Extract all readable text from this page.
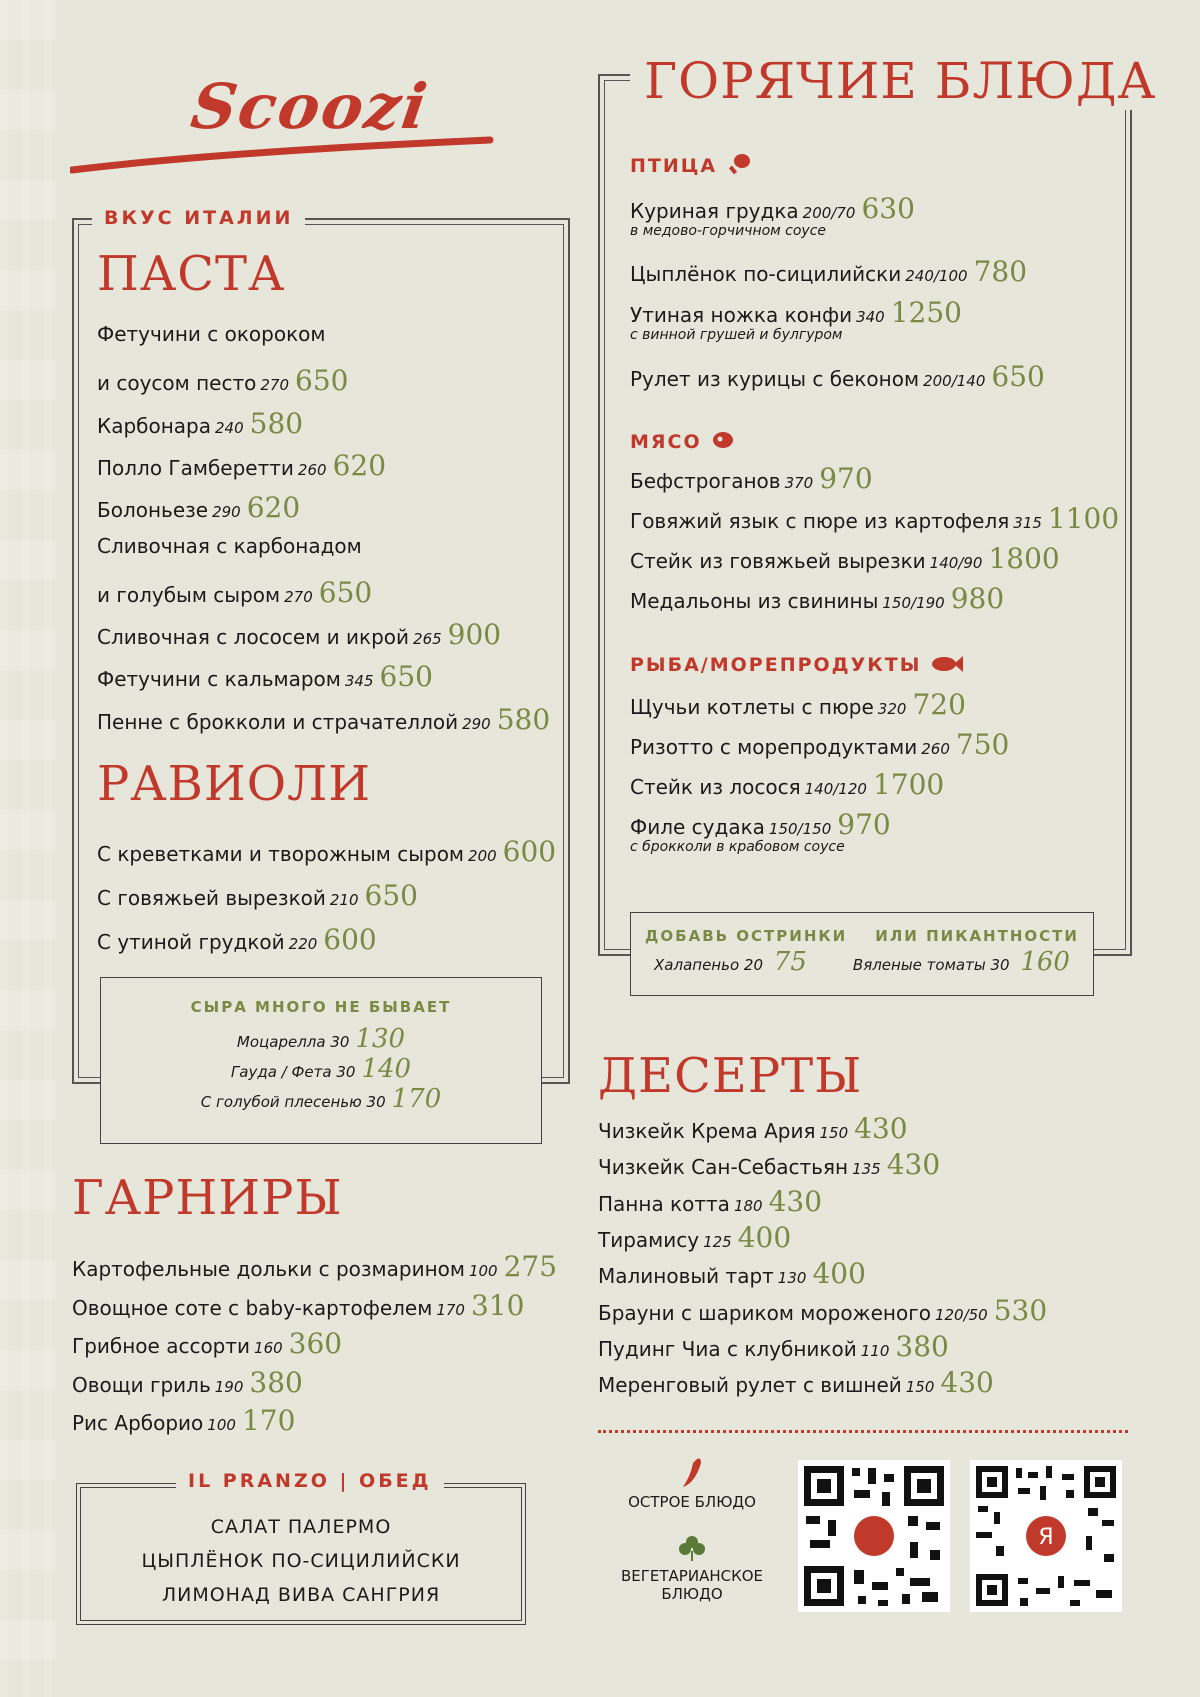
Scoozi
ВКУС ИТАЛИИ
ПАСТА
РАВИОЛИ
СЫРА МНОГО НЕ БЫВАЕТ
Моцарелла 30 130
Гауда / Фета 30 140
С голубой плесенью 30 170
ГАРНИРЫ
САЛАТ ПАЛЕРМО
ЦЫПЛЁНОК ПО-СИЦИЛИЙСКИ
ЛИМОНАД ВИВА САНГРИЯ
IL PRANZO | ОБЕД
ГОРЯЧИЕ БЛЮДА
ПТИЦА
МЯСО
РЫБА/МОРЕПРОДУКТЫ
ДОБАВЬ ОСТРИНКИ ИЛИ ПИКАНТНОСТИ
Халапеньо 20 75	Вяленые томаты 30 160
ДЕСЕРТЫ
ОСТРОЕ БЛЮДО
ВЕГЕТАРИАНСКОЕ
БЛЮДО
Я
Фетучини с окороком
и соусом песто 270 650
Карбонара 240 580
Полло Гамберетти 260 620
Болоньезе 290 620
Сливочная с карбонадом
и голубым сыром 270 650
Сливочная с лососем и икрой 265 900
Фетучини с кальмаром 345 650
Пенне с брокколи и страчателлой 290 580
С креветками и творожным сыром 200 600
С говяжьей вырезкой 210 650
С утиной грудкой 220 600
Картофельные дольки с розмарином 100 275
Овощное соте с baby-картофелем 170 310
Грибное ассорти 160 360
Овощи гриль 190 380
Рис Арборио 100 170
Куриная грудка 200/70 630
в медово-горчичном соусе
Цыплёнок по-сицилийски 240/100 780
Утиная ножка конфи 340 1250
с винной грушей и булгуром
Рулет из курицы с беконом 200/140 650
Бефстроганов 370 970
Говяжий язык с пюре из картофеля 315 1100
Стейк из говяжьей вырезки 140/90 1800
Медальоны из свинины 150/190 980
Щучьи котлеты с пюре 320 720
Ризотто с морепродуктами 260 750
Стейк из лосося 140/120 1700
Филе судака 150/150 970
с брокколи в крабовом соусе
Чизкейк Крема Ария 150 430
Чизкейк Сан-Себастьян 135 430
Панна котта 180 430
Тирамису 125 400
Малиновый тарт 130 400
Брауни с шариком мороженого 120/50 530
Пудинг Чиа с клубникой 110 380
Меренговый рулет с вишней 150 430
